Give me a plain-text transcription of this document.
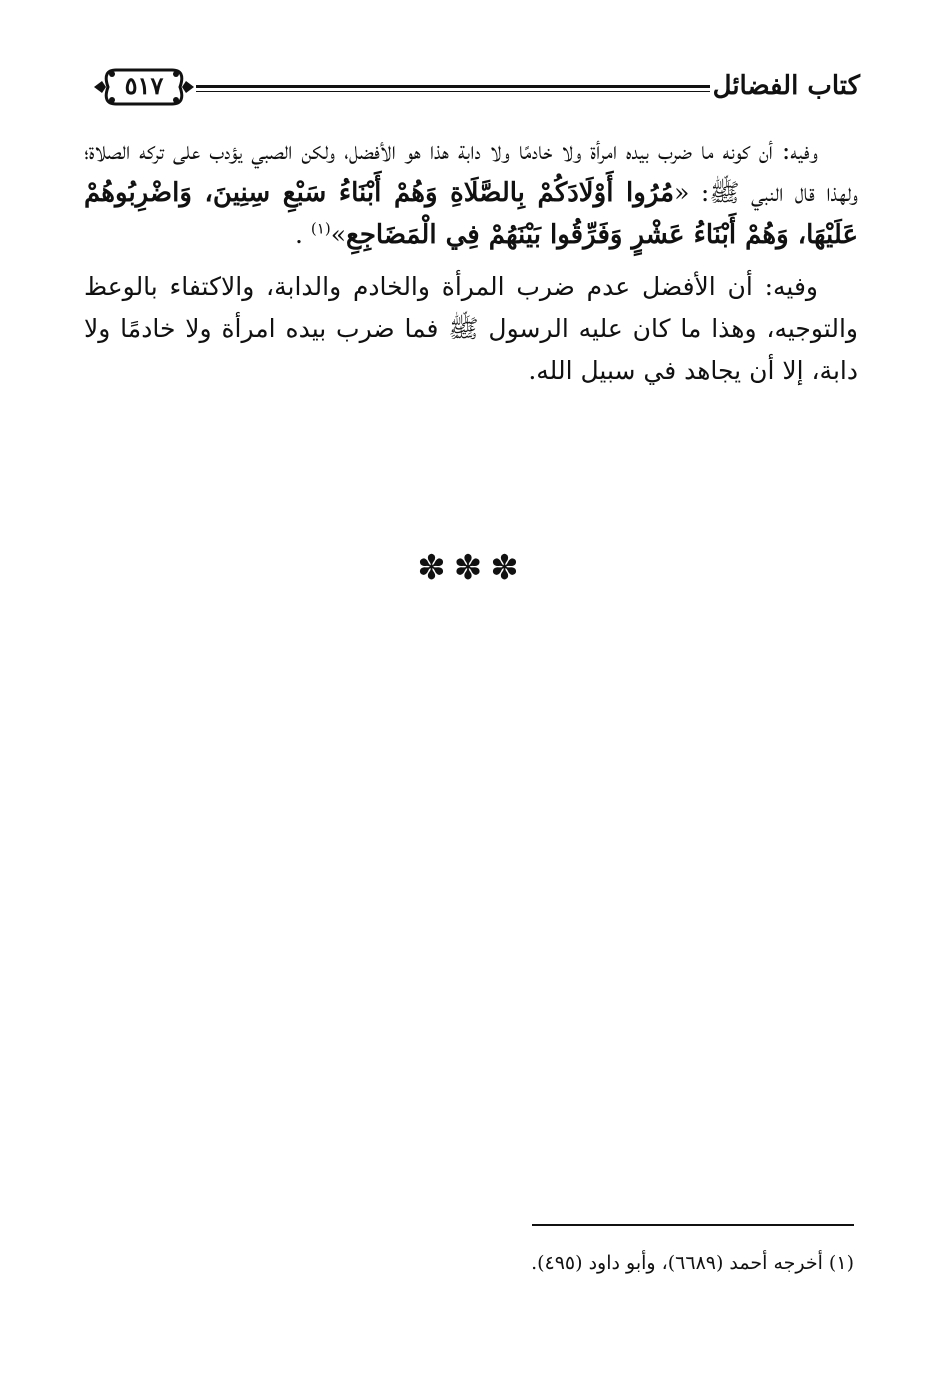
كتاب الفضائل
٥١٧

وفيه: أن كونه ما ضرب بيده امرأة ولا خادمًا ولا دابة هذا هو الأفضل، ولكن الصبي يؤدب على تركه الصلاة؛ ولهذا قال النبي ﷺ: «مُرُوا أَوْلَادَكُمْ بِالصَّلَاةِ وَهُمْ أَبْنَاءُ سَبْعِ سِنِينَ، وَاضْرِبُوهُمْ عَلَيْهَا، وَهُمْ أَبْنَاءُ عَشْرٍ وَفَرِّقُوا بَيْنَهُمْ فِي الْمَضَاجِعِ»$^{(١)}$ .

وفيه: أن الأفضل عدم ضرب المرأة والخادم والدابة، والاكتفاء بالوعظ والتوجيه، وهذا ما كان عليه الرسول ﷺ فما ضرب بيده امرأة ولا خادمًا ولا دابة، إلا أن يجاهد في سبيل الله.

✽✽✽
(١) أخرجه أحمد (٦٦٨٩)، وأبو داود (٤٩٥).
